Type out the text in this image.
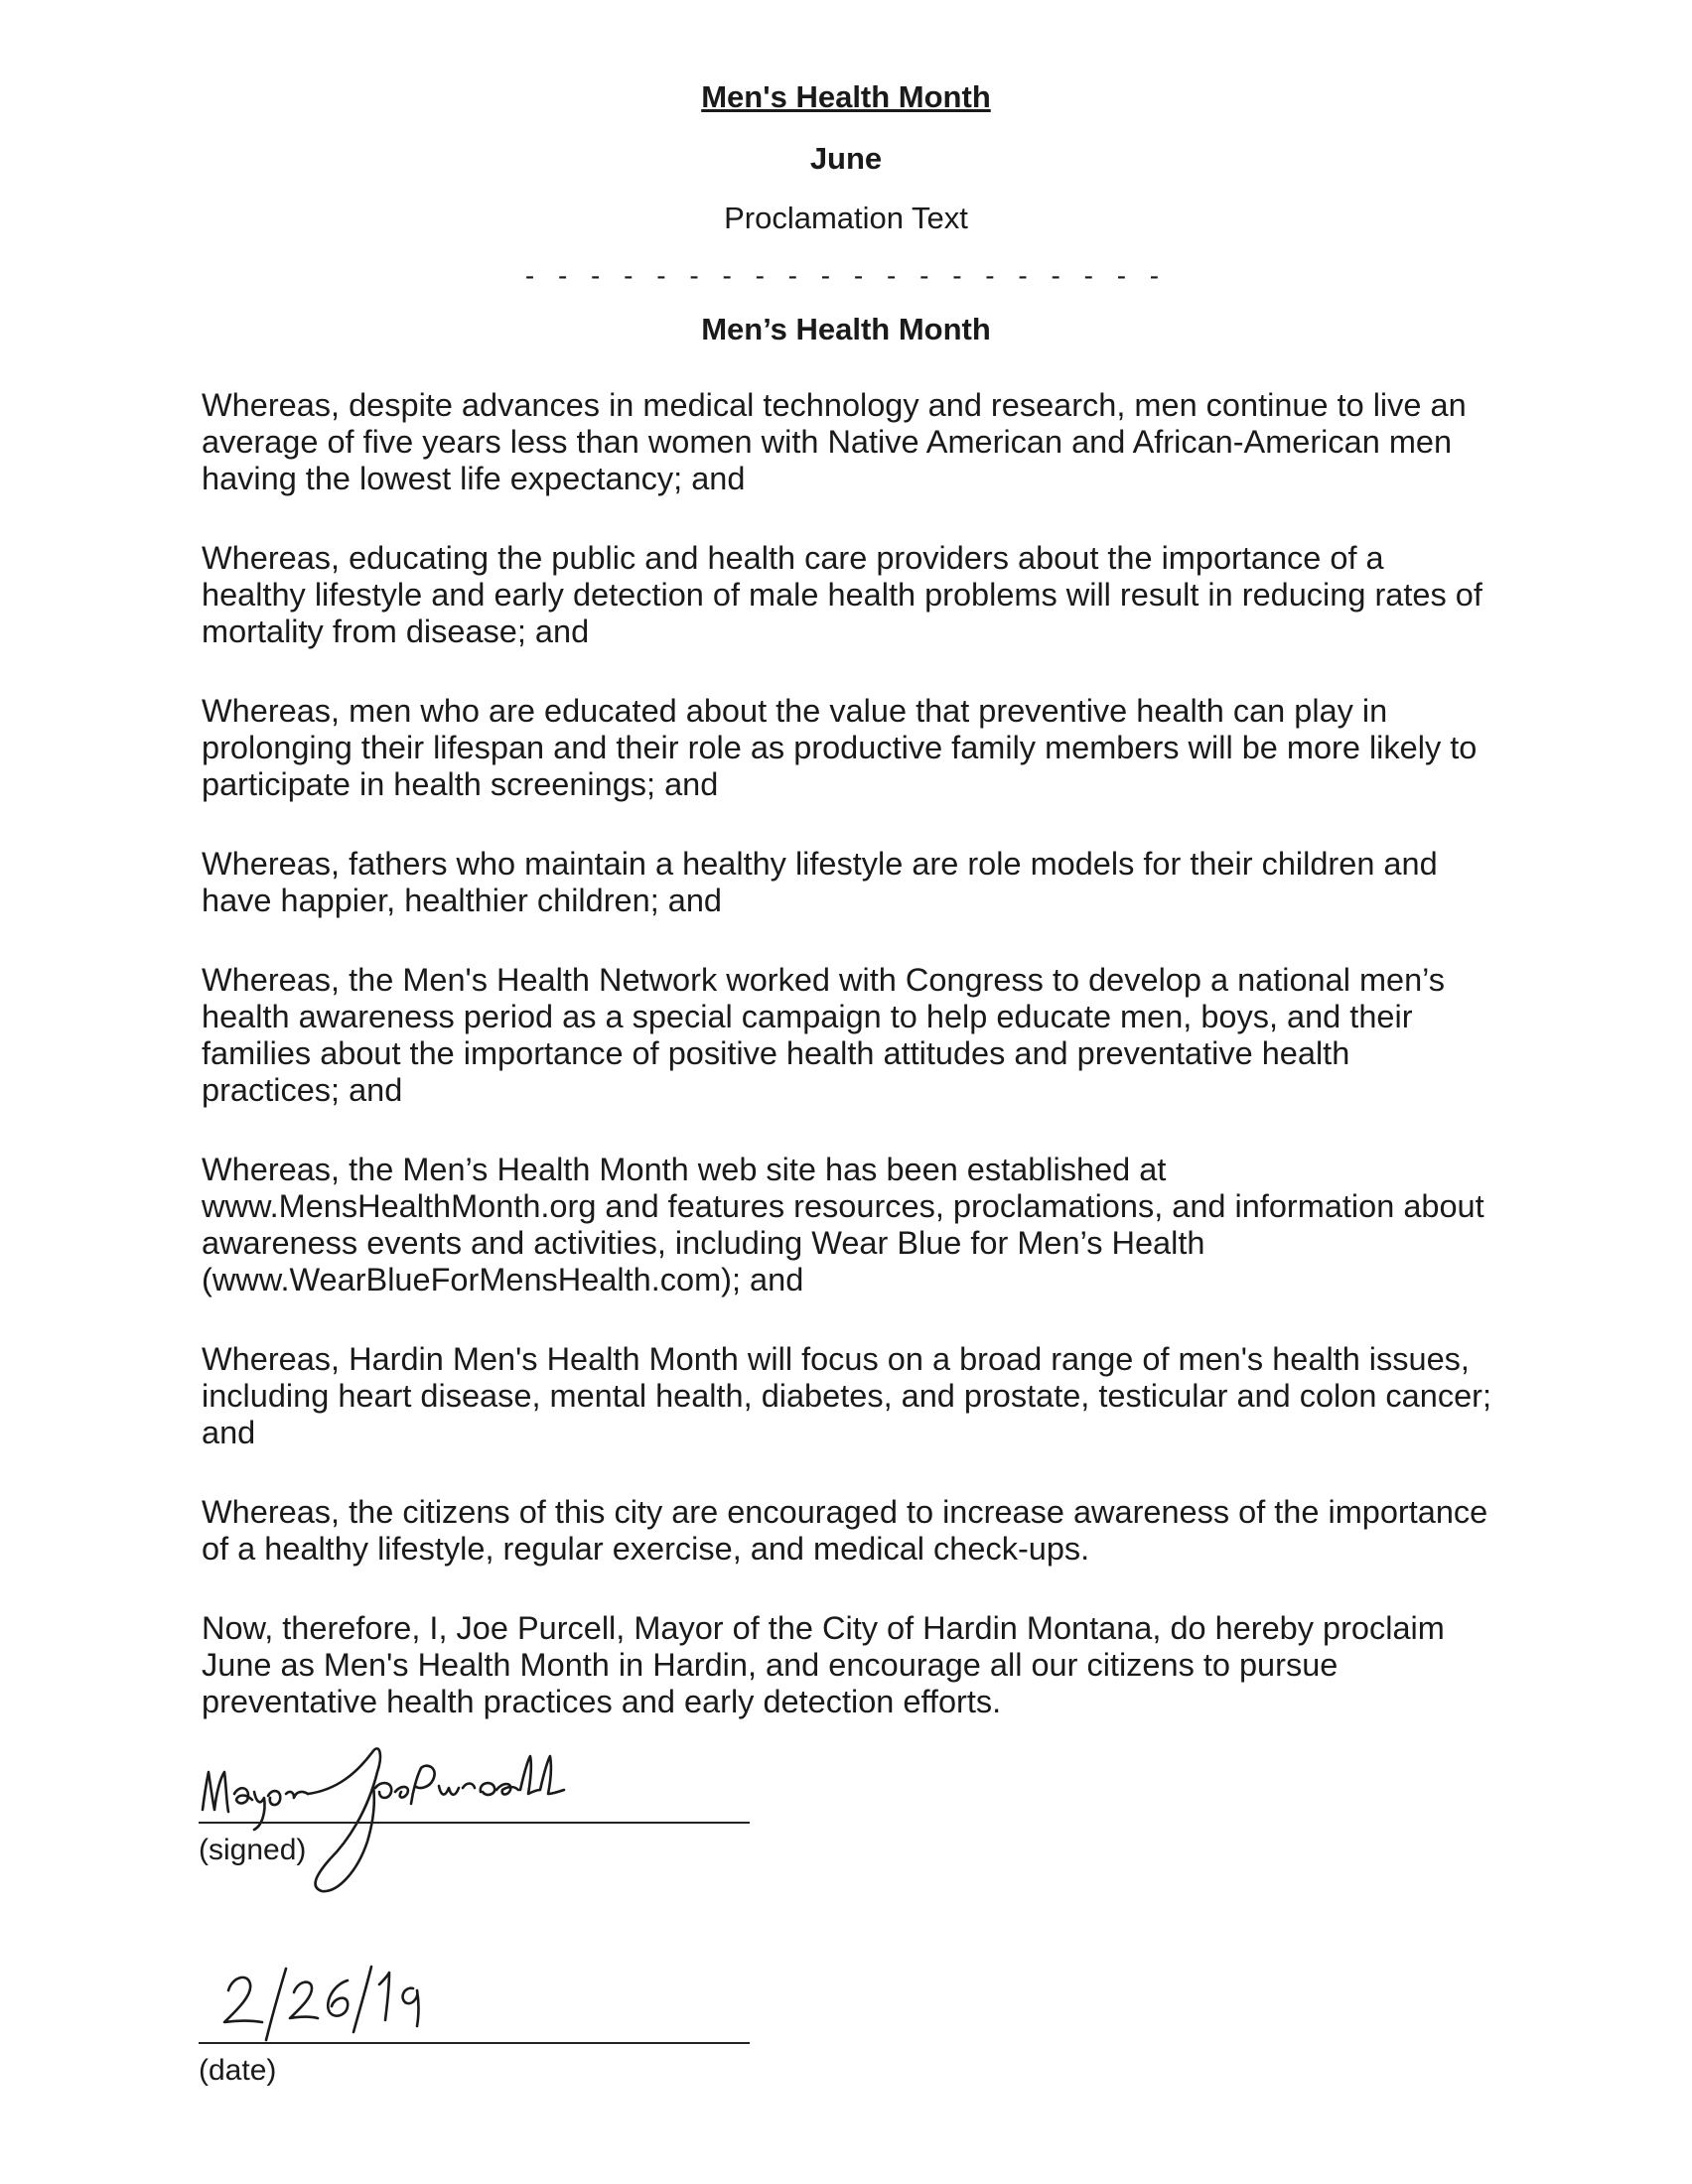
Men's Health Month
June
Proclamation Text
- - - - - - - - - - - - - - - - - - - -
Men’s Health Month

Whereas, despite advances in medical technology and research, men continue to live an average of five years less than women with Native American and African-American men having the lowest life expectancy; and

Whereas, educating the public and health care providers about the importance of a healthy lifestyle and early detection of male health problems will result in reducing rates of mortality from disease; and

Whereas, men who are educated about the value that preventive health can play in prolonging their lifespan and their role as productive family members will be more likely to participate in health screenings; and

Whereas, fathers who maintain a healthy lifestyle are role models for their children and have happier, healthier children; and

Whereas, the Men's Health Network worked with Congress to develop a national men’s health awareness period as a special campaign to help educate men, boys, and their families about the importance of positive health attitudes and preventative health practices; and

Whereas, the Men’s Health Month web site has been established at www.MensHealthMonth.org and features resources, proclamations, and information about awareness events and activities, including Wear Blue for Men’s Health (www.WearBlueForMensHealth.com); and

Whereas, Hardin Men's Health Month will focus on a broad range of men's health issues, including heart disease, mental health, diabetes, and prostate, testicular and colon cancer; and

Whereas, the citizens of this city are encouraged to increase awareness of the importance of a healthy lifestyle, regular exercise, and medical check-ups.

Now, therefore, I, Joe Purcell, Mayor of the City of Hardin Montana, do hereby proclaim June as Men's Health Month in Hardin, and encourage all our citizens to pursue preventative health practices and early detection efforts.

(signed)
(date)
